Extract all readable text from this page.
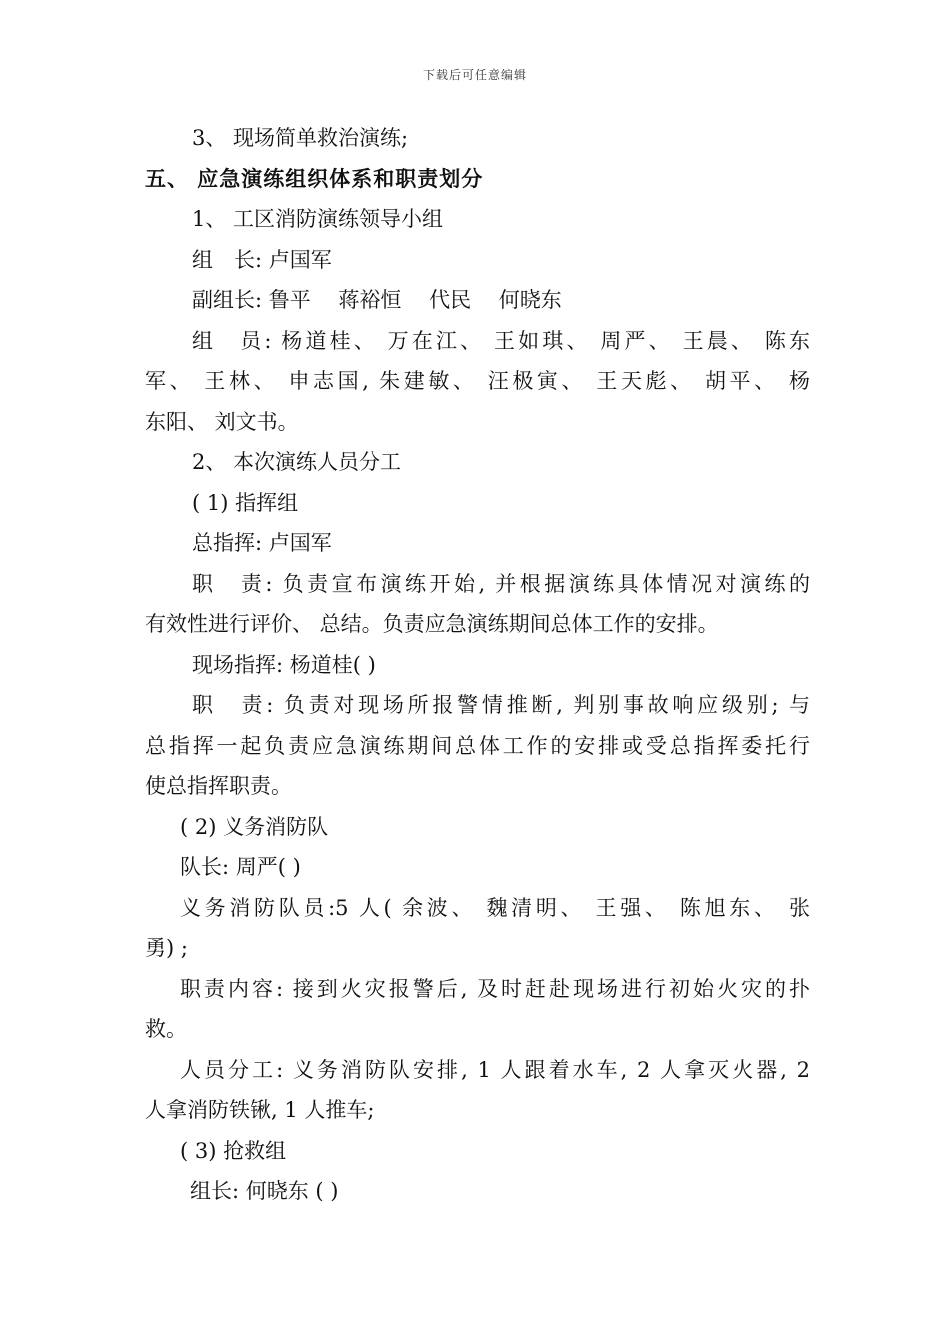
下载后可任意编辑
3、 现场简单救治演练;
五、 应急演练组织体系和职责划分
1、 工区消防演练领导小组
组　长: 卢国军
副组长: 鲁平　 蒋裕恒　 代民　 何晓东
组　员: 杨道桂、 万在江、 王如琪、 周严、 王晨、 陈东
军、 王林、 申志国, 朱建敏、 汪极寅、 王天彪、 胡平、 杨
东阳、 刘文书。
2、 本次演练人员分工
( 1) 指挥组
总指挥: 卢国军
职　责: 负责宣布演练开始, 并根据演练具体情况对演练的
有效性进行评价、 总结。负责应急演练期间总体工作的安排。
现场指挥: 杨道桂( )
职　责: 负责对现场所报警情推断, 判别事故响应级别; 与
总指挥一起负责应急演练期间总体工作的安排或受总指挥委托行
使总指挥职责。
( 2) 义务消防队
队长: 周严( )
义务消防队员:5 人( 余波、 魏清明、 王强、 陈旭东、 张
勇) ;
职责内容: 接到火灾报警后, 及时赶赴现场进行初始火灾的扑
救。
人员分工: 义务消防队安排, 1 人跟着水车, 2 人拿灭火器, 2
人拿消防铁锹, 1 人推车;
( 3) 抢救组
组长: 何晓东 ( )
